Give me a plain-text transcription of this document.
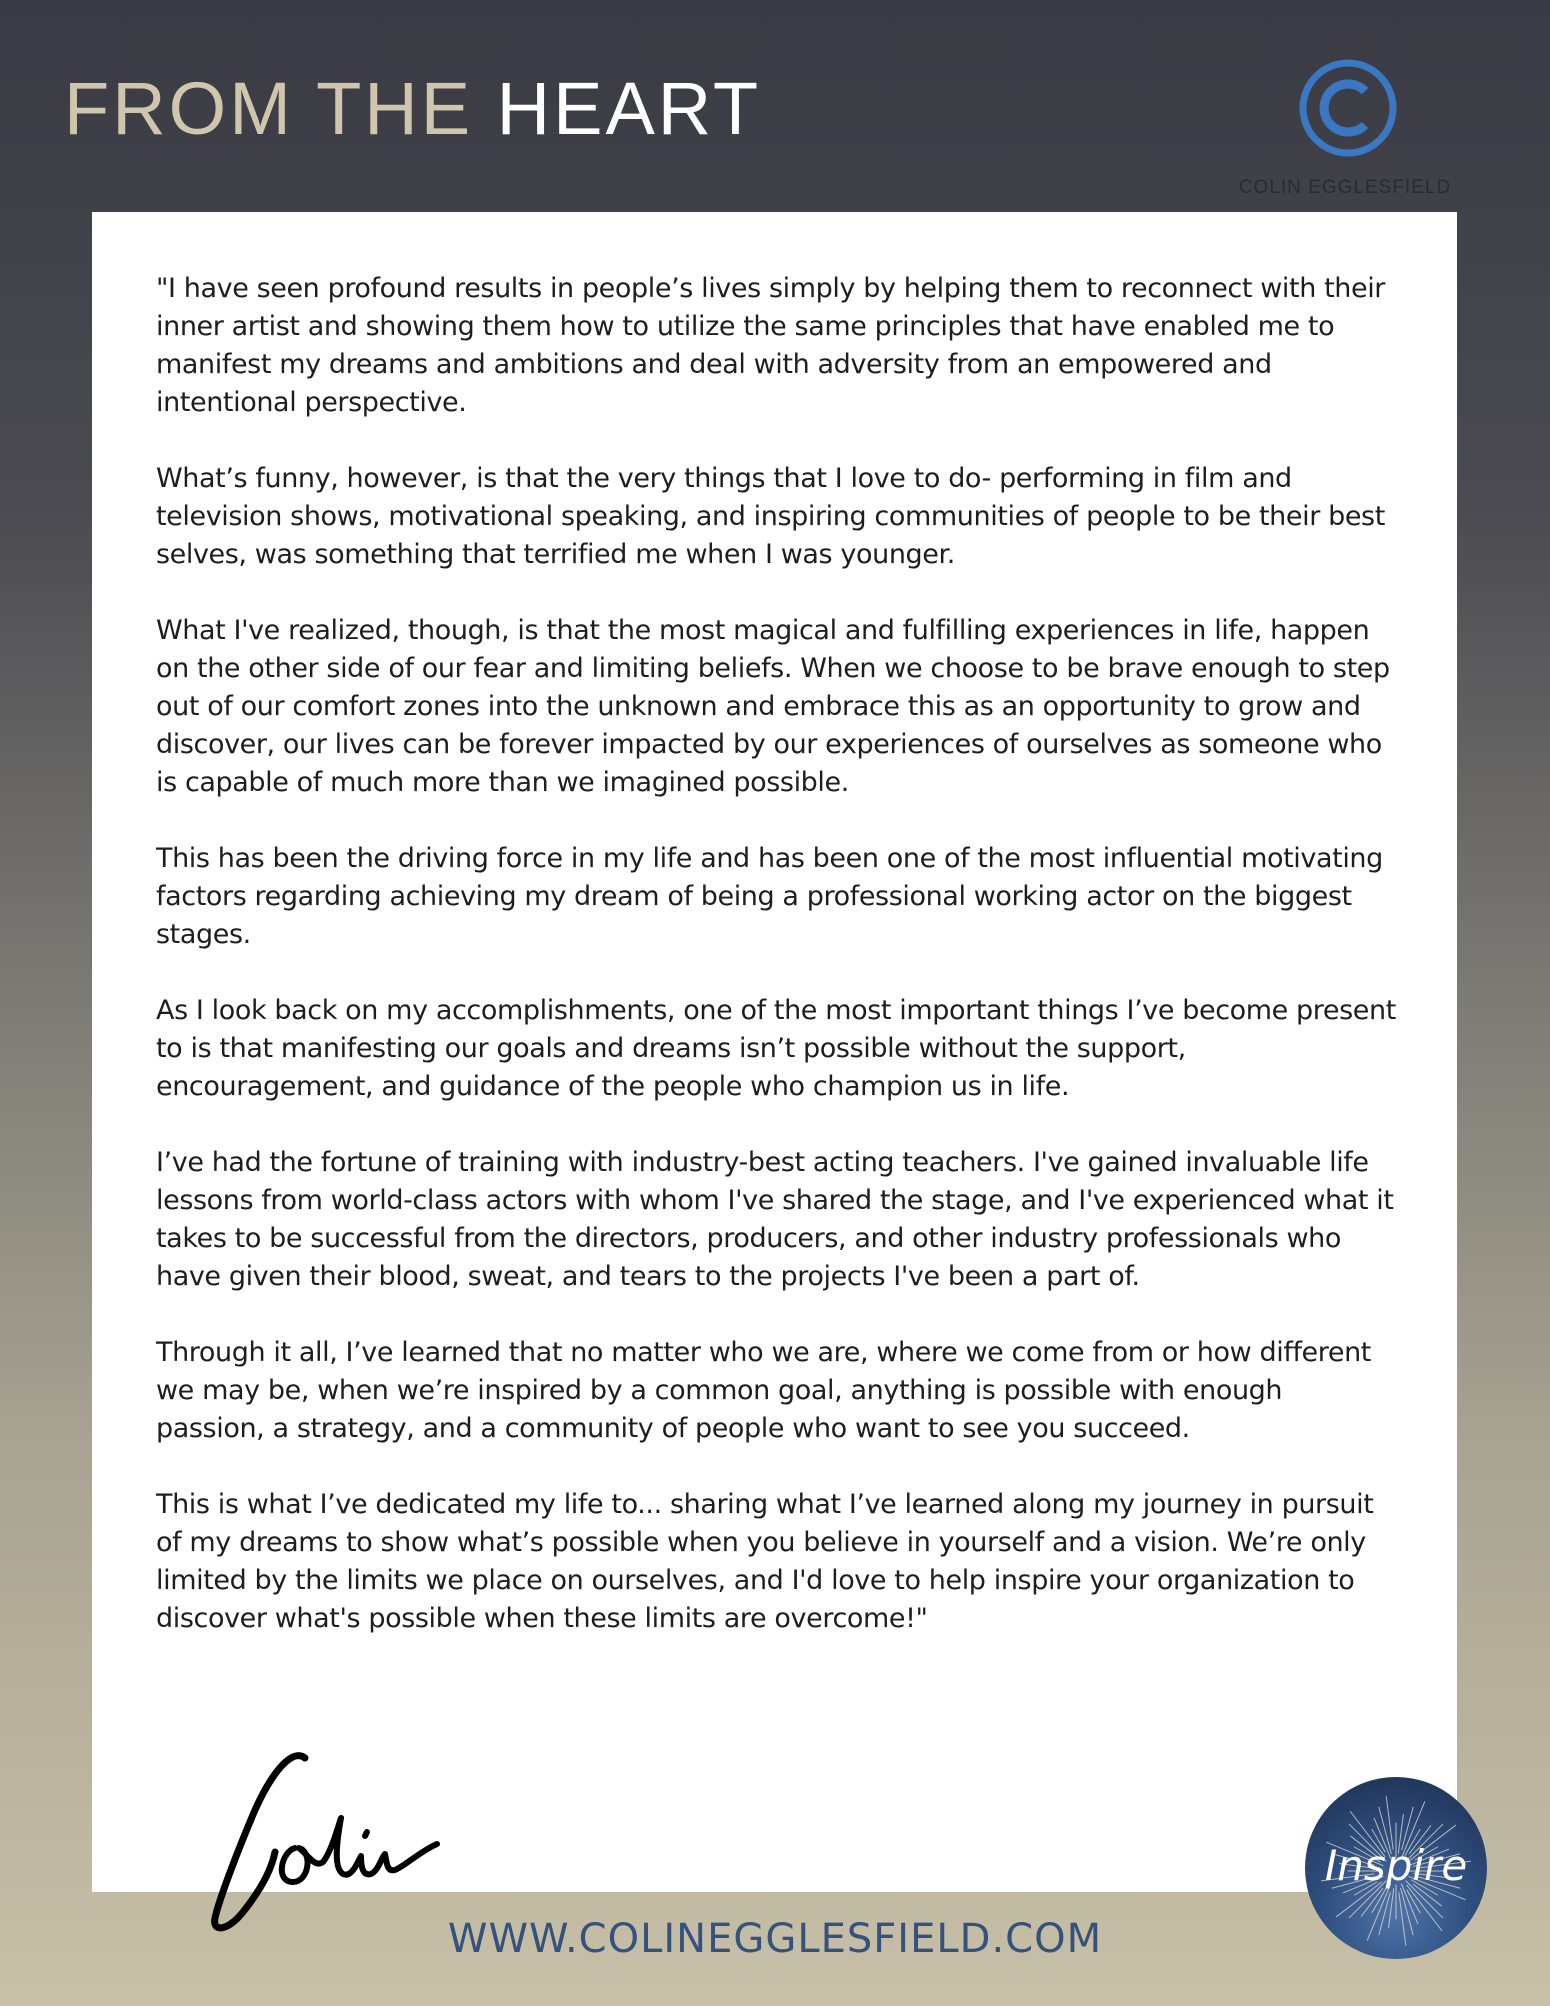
FROM THE HEART
COLIN EGGLESFIELD

"I have seen profound results in people’s lives simply by helping them to reconnect with their inner artist and showing them how to utilize the same principles that have enabled me to manifest my dreams and ambitions and deal with adversity from an empowered and intentional perspective.

What’s funny, however, is that the very things that I love to do- performing in film and television shows, motivational speaking, and inspiring communities of people to be their best selves, was something that terrified me when I was younger.

What I've realized, though, is that the most magical and fulfilling experiences in life, happen on the other side of our fear and limiting beliefs. When we choose to be brave enough to step out of our comfort zones into the unknown and embrace this as an opportunity to grow and discover, our lives can be forever impacted by our experiences of ourselves as someone who is capable of much more than we imagined possible.

This has been the driving force in my life and has been one of the most influential motivating factors regarding achieving my dream of being a professional working actor on the biggest stages.

As I look back on my accomplishments, one of the most important things I’ve become present to is that manifesting our goals and dreams isn’t possible without the support, encouragement, and guidance of the people who champion us in life.

I’ve had the fortune of training with industry-best acting teachers. I've gained invaluable life lessons from world-class actors with whom I've shared the stage, and I've experienced what it takes to be successful from the directors, producers, and other industry professionals who have given their blood, sweat, and tears to the projects I've been a part of.

Through it all, I’ve learned that no matter who we are, where we come from or how different we may be, when we’re inspired by a common goal, anything is possible with enough passion, a strategy, and a community of people who want to see you succeed.

This is what I’ve dedicated my life to... sharing what I’ve learned along my journey in pursuit of my dreams to show what’s possible when you believe in yourself and a vision. We’re only limited by the limits we place on ourselves, and I'd love to help inspire your organization to discover what's possible when these limits are overcome!"

WWW.COLINEGGLESFIELD.COM
Inspire
